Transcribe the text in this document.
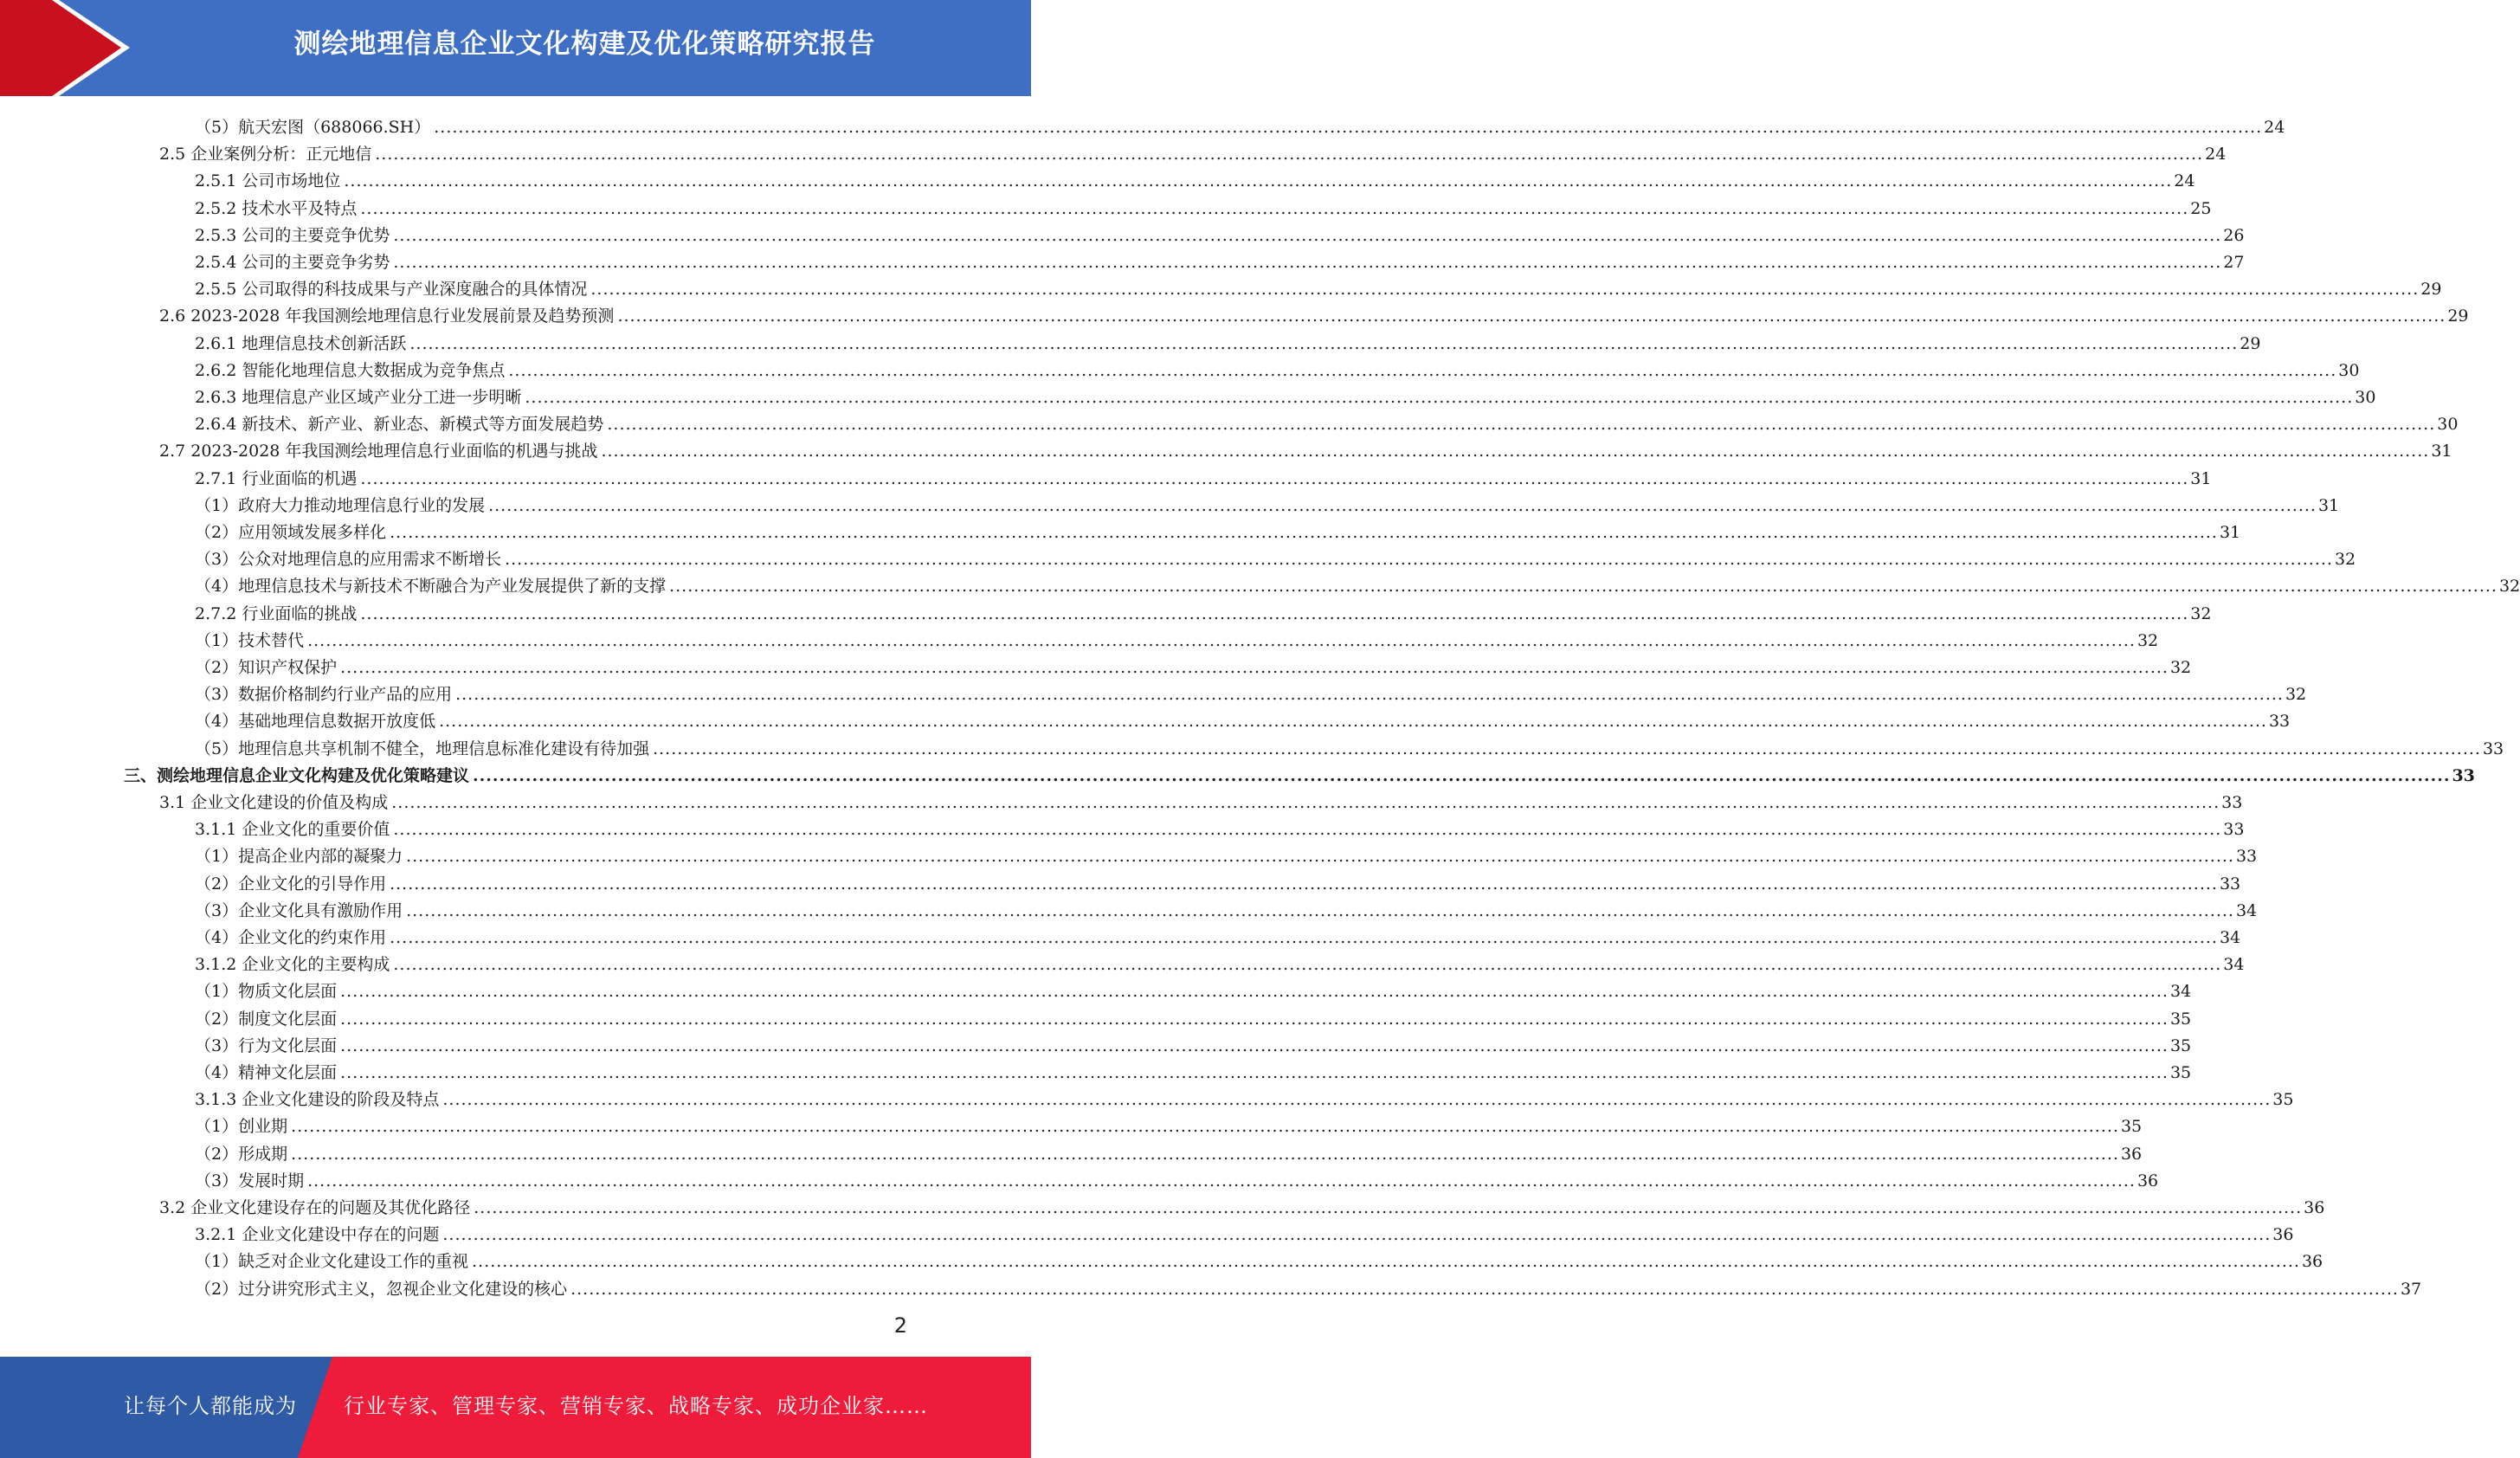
测绘地理信息企业文化构建及优化策略研究报告
（5）航天宏图（688066.SH） ............................................................................................................................................................................................................................................................................................................ 24
2.5 企业案例分析：正元地信 ............................................................................................................................................................................................................................................................................................................ 24
2.5.1 公司市场地位 ............................................................................................................................................................................................................................................................................................................ 24
2.5.2 技术水平及特点 ............................................................................................................................................................................................................................................................................................................ 25
2.5.3 公司的主要竞争优势 ............................................................................................................................................................................................................................................................................................................ 26
2.5.4 公司的主要竞争劣势 ............................................................................................................................................................................................................................................................................................................ 27
2.5.5 公司取得的科技成果与产业深度融合的具体情况 ............................................................................................................................................................................................................................................................................................................ 29
2.6 2023-2028 年我国测绘地理信息行业发展前景及趋势预测 ............................................................................................................................................................................................................................................................................................................ 29
2.6.1 地理信息技术创新活跃 ............................................................................................................................................................................................................................................................................................................ 29
2.6.2 智能化地理信息大数据成为竞争焦点 ............................................................................................................................................................................................................................................................................................................ 30
2.6.3 地理信息产业区域产业分工进一步明晰 ............................................................................................................................................................................................................................................................................................................ 30
2.6.4 新技术、新产业、新业态、新模式等方面发展趋势 ............................................................................................................................................................................................................................................................................................................ 30
2.7 2023-2028 年我国测绘地理信息行业面临的机遇与挑战 ............................................................................................................................................................................................................................................................................................................ 31
2.7.1 行业面临的机遇 ............................................................................................................................................................................................................................................................................................................ 31
（1）政府大力推动地理信息行业的发展 ............................................................................................................................................................................................................................................................................................................ 31
（2）应用领域发展多样化 ............................................................................................................................................................................................................................................................................................................ 31
（3）公众对地理信息的应用需求不断增长 ............................................................................................................................................................................................................................................................................................................ 32
（4）地理信息技术与新技术不断融合为产业发展提供了新的支撑 ............................................................................................................................................................................................................................................................................................................ 32
2.7.2 行业面临的挑战 ............................................................................................................................................................................................................................................................................................................ 32
（1）技术替代 ............................................................................................................................................................................................................................................................................................................ 32
（2）知识产权保护 ............................................................................................................................................................................................................................................................................................................ 32
（3）数据价格制约行业产品的应用 ............................................................................................................................................................................................................................................................................................................ 32
（4）基础地理信息数据开放度低 ............................................................................................................................................................................................................................................................................................................ 33
（5）地理信息共享机制不健全，地理信息标准化建设有待加强 ............................................................................................................................................................................................................................................................................................................ 33
三、测绘地理信息企业文化构建及优化策略建议 ............................................................................................................................................................................................................................................................................................................ 33
3.1 企业文化建设的价值及构成 ............................................................................................................................................................................................................................................................................................................ 33
3.1.1 企业文化的重要价值 ............................................................................................................................................................................................................................................................................................................ 33
（1）提高企业内部的凝聚力 ............................................................................................................................................................................................................................................................................................................ 33
（2）企业文化的引导作用 ............................................................................................................................................................................................................................................................................................................ 33
（3）企业文化具有激励作用 ............................................................................................................................................................................................................................................................................................................ 34
（4）企业文化的约束作用 ............................................................................................................................................................................................................................................................................................................ 34
3.1.2 企业文化的主要构成 ............................................................................................................................................................................................................................................................................................................ 34
（1）物质文化层面 ............................................................................................................................................................................................................................................................................................................ 34
（2）制度文化层面 ............................................................................................................................................................................................................................................................................................................ 35
（3）行为文化层面 ............................................................................................................................................................................................................................................................................................................ 35
（4）精神文化层面 ............................................................................................................................................................................................................................................................................................................ 35
3.1.3 企业文化建设的阶段及特点 ............................................................................................................................................................................................................................................................................................................ 35
（1）创业期 ............................................................................................................................................................................................................................................................................................................ 35
（2）形成期 ............................................................................................................................................................................................................................................................................................................ 36
（3）发展时期 ............................................................................................................................................................................................................................................................................................................ 36
3.2 企业文化建设存在的问题及其优化路径 ............................................................................................................................................................................................................................................................................................................ 36
3.2.1 企业文化建设中存在的问题 ............................................................................................................................................................................................................................................................................................................ 36
（1）缺乏对企业文化建设工作的重视 ............................................................................................................................................................................................................................................................................................................ 36
（2）过分讲究形式主义，忽视企业文化建设的核心 ............................................................................................................................................................................................................................................................................................................ 37
2
让每个人都能成为 行业专家、管理专家、营销专家、战略专家、成功企业家……
